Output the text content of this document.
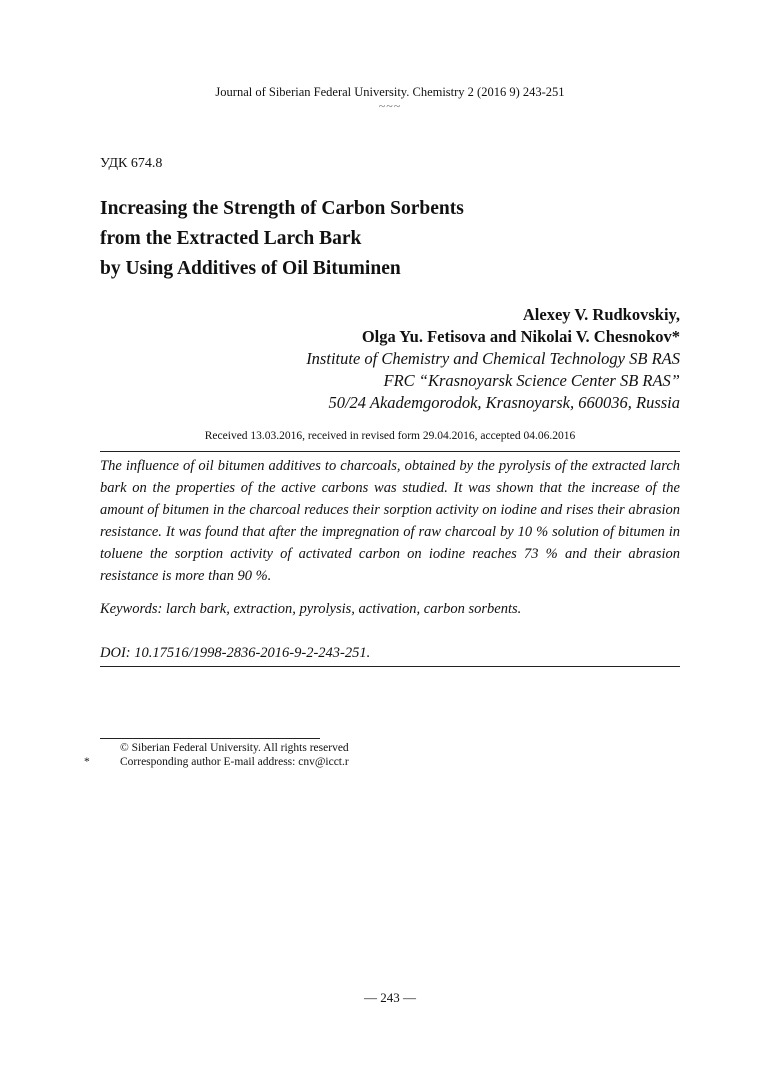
Journal of Siberian Federal University. Chemistry 2 (2016 9) 243-251
~~~
УДК 674.8
Increasing the Strength of Carbon Sorbents
from the Extracted Larch Bark
by Using Additives of Oil Bituminen
Alexey V. Rudkovskiy,
Olga Yu. Fetisova and Nikolai V. Chesnokov*
Institute of Chemistry and Chemical Technology SB RAS
FRC “Krasnoyarsk Science Center SB RAS”
50/24 Akademgorodok, Krasnoyarsk, 660036, Russia
Received 13.03.2016, received in revised form 29.04.2016, accepted 04.06.2016
The influence of oil bitumen additives to charcoals, obtained by the pyrolysis of the extracted larch bark on the properties of the active carbons was studied. It was shown that the increase of the amount of bitumen in the charcoal reduces their sorption activity on iodine and rises their abrasion resistance. It was found that after the impregnation of raw charcoal by 10 % solution of bitumen in toluene the sorption activity of activated carbon on iodine reaches 73 % and their abrasion resistance is more than 90 %.
Keywords: larch bark, extraction, pyrolysis, activation, carbon sorbents.
DOI: 10.17516/1998-2836-2016-9-2-243-251.
© Siberian Federal University. All rights reserved
*	Corresponding author E-mail address: cnv@icct.r
— 243 —
